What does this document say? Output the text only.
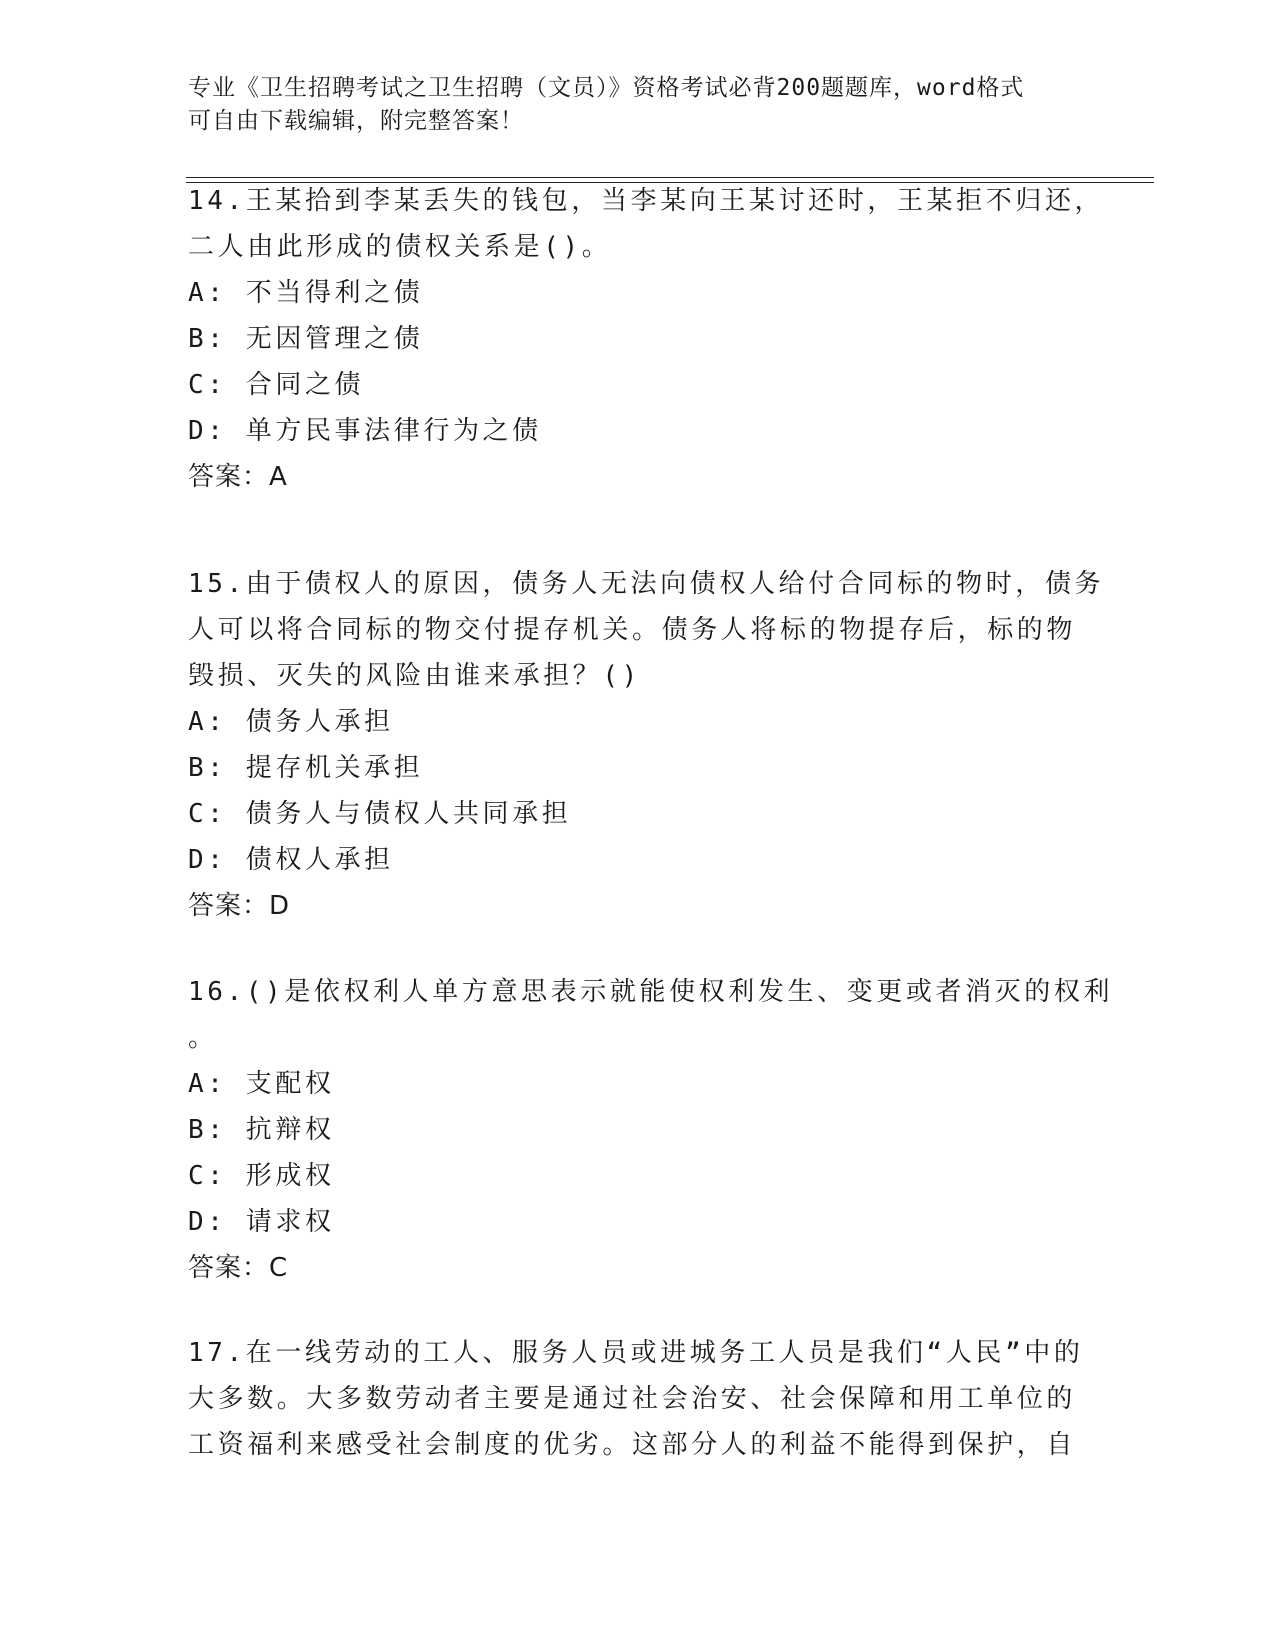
专业《卫生招聘考试之卫生招聘（文员）》资格考试必背200题题库，word格式
可自由下载编辑，附完整答案！
14.王某拾到李某丢失的钱包，当李某向王某讨还时，王某拒不归还，
二人由此形成的债权关系是()。
A: 不当得利之债
B: 无因管理之债
C: 合同之债
D: 单方民事法律行为之债
答案：A
15.由于债权人的原因，债务人无法向债权人给付合同标的物时，债务
人可以将合同标的物交付提存机关。债务人将标的物提存后，标的物
毁损、灭失的风险由谁来承担？()
A: 债务人承担
B: 提存机关承担
C: 债务人与债权人共同承担
D: 债权人承担
答案：D
16.()是依权利人单方意思表示就能使权利发生、变更或者消灭的权利
。
A: 支配权
B: 抗辩权
C: 形成权
D: 请求权
答案：C
17.在一线劳动的工人、服务人员或进城务工人员是我们“人民”中的
大多数。大多数劳动者主要是通过社会治安、社会保障和用工单位的
工资福利来感受社会制度的优劣。这部分人的利益不能得到保护，自
